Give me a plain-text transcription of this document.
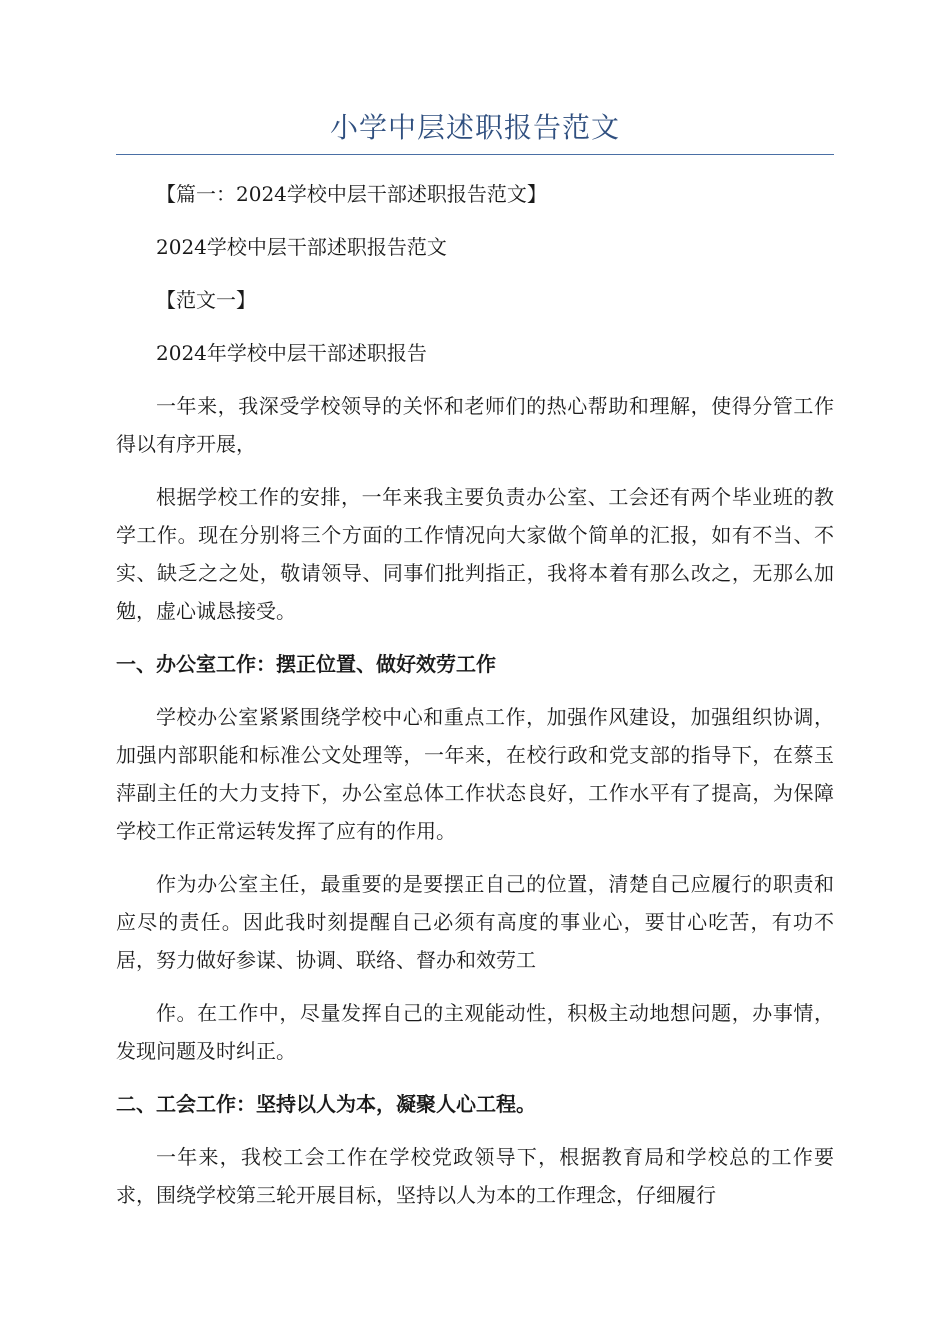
小学中层述职报告范文
【篇一：2024学校中层干部述职报告范文】
2024学校中层干部述职报告范文
【范文一】
2024年学校中层干部述职报告
一年来，我深受学校领导的关怀和老师们的热心帮助和理解，使得分管工作得以有序开展，
根据学校工作的安排，一年来我主要负责办公室、工会还有两个毕业班的教学工作。现在分别将三个方面的工作情况向大家做个简单的汇报，如有不当、不实、缺乏之之处，敬请领导、同事们批判指正，我将本着有那么改之，无那么加勉，虚心诚恳接受。
一、办公室工作：摆正位置、做好效劳工作
学校办公室紧紧围绕学校中心和重点工作，加强作风建设，加强组织协调，加强内部职能和标准公文处理等，一年来，在校行政和党支部的指导下，在蔡玉萍副主任的大力支持下，办公室总体工作状态良好，工作水平有了提高，为保障学校工作正常运转发挥了应有的作用。
作为办公室主任，最重要的是要摆正自己的位置，清楚自己应履行的职责和应尽的责任。因此我时刻提醒自己必须有高度的事业心，要甘心吃苦，有功不居，努力做好参谋、协调、联络、督办和效劳工
作。在工作中，尽量发挥自己的主观能动性，积极主动地想问题，办事情，发现问题及时纠正。
二、工会工作：坚持以人为本，凝聚人心工程。
一年来，我校工会工作在学校党政领导下，根据教育局和学校总的工作要求，围绕学校第三轮开展目标，坚持以人为本的工作理念，仔细履行
